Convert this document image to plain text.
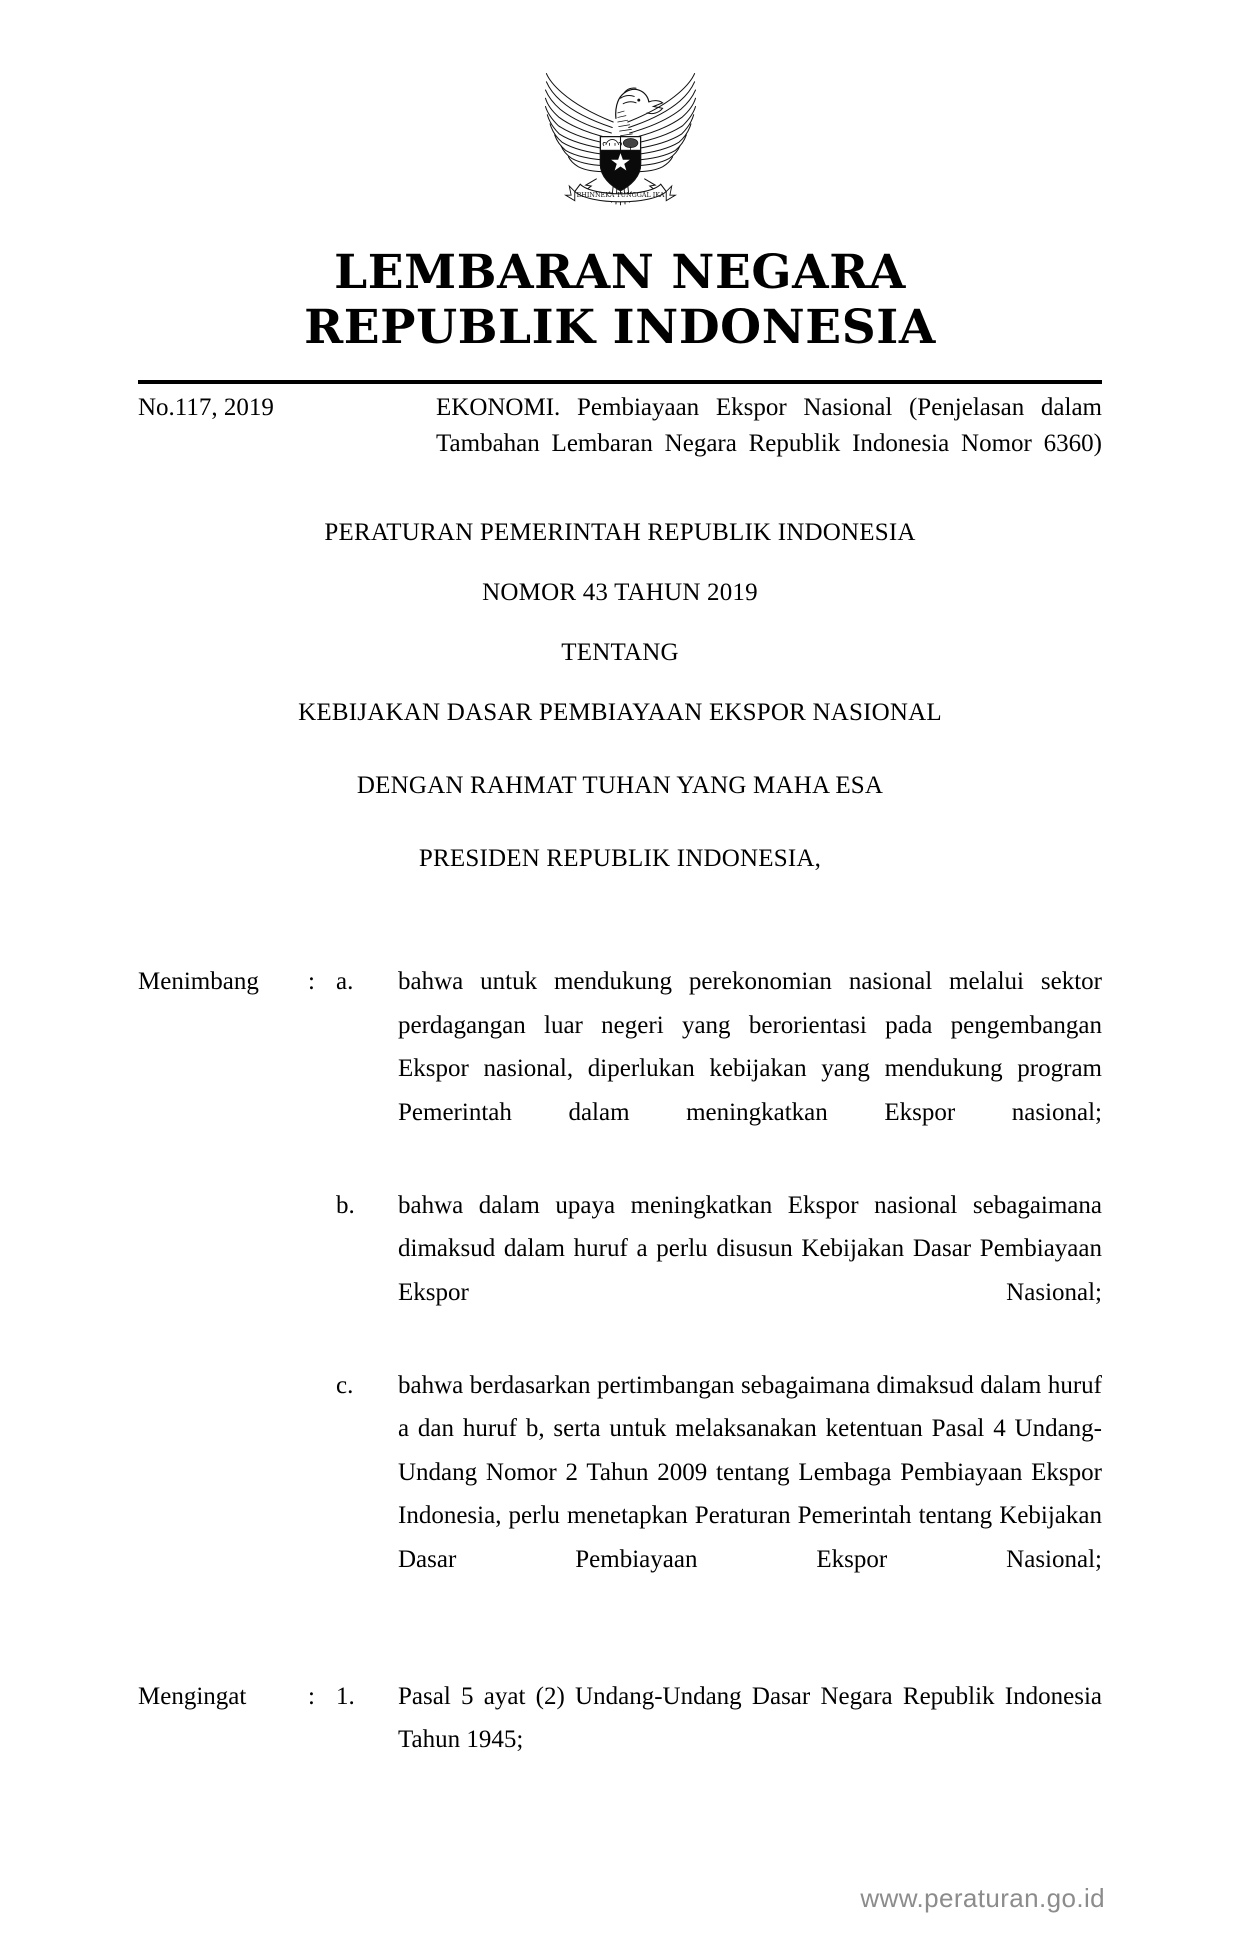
BHINNEKA TUNGGAL IKA
LEMBARAN NEGARA
REPUBLIK INDONESIA
No.117, 2019	EKONOMI. Pembiayaan Ekspor Nasional (Penjelasan dalam Tambahan Lembaran Negara Republik Indonesia Nomor 6360)
PERATURAN PEMERINTAH REPUBLIK INDONESIA
NOMOR 43 TAHUN 2019
TENTANG
KEBIJAKAN DASAR PEMBIAYAAN EKSPOR NASIONAL
DENGAN RAHMAT TUHAN YANG MAHA ESA
PRESIDEN REPUBLIK INDONESIA,
Menimbang	: a.	bahwa untuk mendukung perekonomian nasional melalui sektor perdagangan luar negeri yang berorientasi pada pengembangan Ekspor nasional, diperlukan kebijakan yang mendukung program Pemerintah dalam meningkatkan Ekspor nasional;
b.	bahwa dalam upaya meningkatkan Ekspor nasional sebagaimana dimaksud dalam huruf a perlu disusun Kebijakan Dasar Pembiayaan Ekspor Nasional;
c.	bahwa berdasarkan pertimbangan sebagaimana dimaksud dalam huruf a dan huruf b, serta untuk melaksanakan ketentuan Pasal 4 Undang-Undang Nomor 2 Tahun 2009 tentang Lembaga Pembiayaan Ekspor Indonesia, perlu menetapkan Peraturan Pemerintah tentang Kebijakan Dasar Pembiayaan Ekspor Nasional;
Mengingat	: 1.	Pasal 5 ayat (2) Undang-Undang Dasar Negara Republik Indonesia Tahun 1945;
www.peraturan.go.id
